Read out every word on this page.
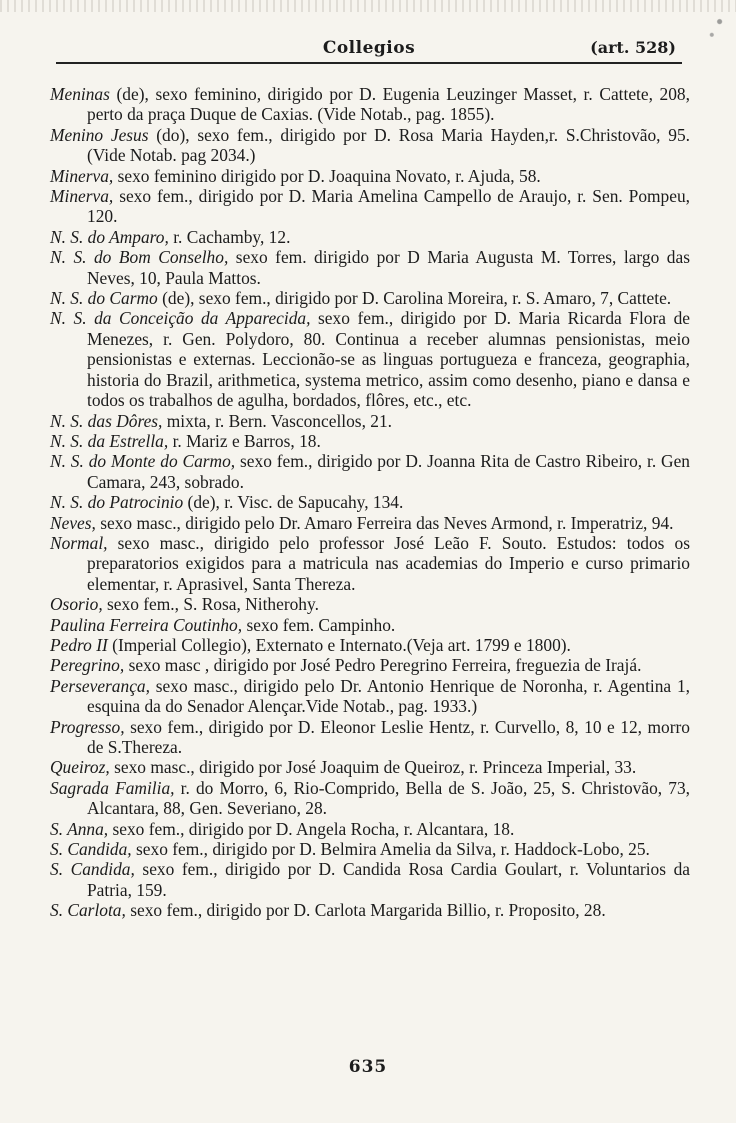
Collegios	(art. 528)

Meninas (de), sexo feminino, dirigido por D. Eugenia Leuzinger Masset, r. Cattete, 208, perto da praça Duque de Caxias. (Vide Notab., pag. 1855).

Menino Jesus (do), sexo fem., dirigido por D. Rosa Maria Hayden,r. S.Christovão, 95. (Vide Notab. pag 2034.)

Minerva, sexo feminino dirigido por D. Joaquina Novato, r. Ajuda, 58.

Minerva, sexo fem., dirigido por D. Maria Amelina Campello de Araujo, r. Sen. Pompeu, 120.

N. S. do Amparo, r. Cachamby, 12.

N. S. do Bom Conselho, sexo fem. dirigido por D Maria Augusta M. Torres, largo das Neves, 10, Paula Mattos.

N. S. do Carmo (de), sexo fem., dirigido por D. Carolina Moreira, r. S. Amaro, 7, Cattete.

N. S. da Conceição da Apparecida, sexo fem., dirigido por D. Maria Ricarda Flora de Menezes, r. Gen. Polydoro, 80. Continua a receber alumnas pensionistas, meio pensionistas e externas. Leccionão-se as linguas portugueza e franceza, geographia, historia do Brazil, arithmetica, systema metrico, assim como desenho, piano e dansa e todos os trabalhos de agulha, bordados, flôres, etc., etc.

N. S. das Dôres, mixta, r. Bern. Vasconcellos, 21.

N. S. da Estrella, r. Mariz e Barros, 18.

N. S. do Monte do Carmo, sexo fem., dirigido por D. Joanna Rita de Castro Ribeiro, r. Gen Camara, 243, sobrado.

N. S. do Patrocinio (de), r. Visc. de Sapucahy, 134.

Neves, sexo masc., dirigido pelo Dr. Amaro Ferreira das Neves Armond, r. Imperatriz, 94.

Normal, sexo masc., dirigido pelo professor José Leão F. Souto. Estudos: todos os preparatorios exigidos para a matricula nas academias do Imperio e curso primario elementar, r. Aprasivel, Santa Thereza.

Osorio, sexo fem., S. Rosa, Nitherohy.

Paulina Ferreira Coutinho, sexo fem. Campinho.

Pedro II (Imperial Collegio), Externato e Internato.(Veja art. 1799 e 1800).

Peregrino, sexo masc , dirigido por José Pedro Peregrino Ferreira, freguezia de Irajá.

Perseverança, sexo masc., dirigido pelo Dr. Antonio Henrique de Noronha, r. Agentina 1, esquina da do Senador Alençar.Vide Notab., pag. 1933.)

Progresso, sexo fem., dirigido por D. Eleonor Leslie Hentz, r. Curvello, 8, 10 e 12, morro de S.Thereza.

Queiroz, sexo masc., dirigido por José Joaquim de Queiroz, r. Princeza Imperial, 33.

Sagrada Familia, r. do Morro, 6, Rio-Comprido, Bella de S. João, 25, S. Christovão, 73, Alcantara, 88, Gen. Severiano, 28.

S. Anna, sexo fem., dirigido por D. Angela Rocha, r. Alcantara, 18.

S. Candida, sexo fem., dirigido por D. Belmira Amelia da Silva, r. Haddock-Lobo, 25.

S. Candida, sexo fem., dirigido por D. Candida Rosa Cardia Goulart, r. Voluntarios da Patria, 159.

S. Carlota, sexo fem., dirigido por D. Carlota Margarida Billio, r. Proposito, 28.

635
